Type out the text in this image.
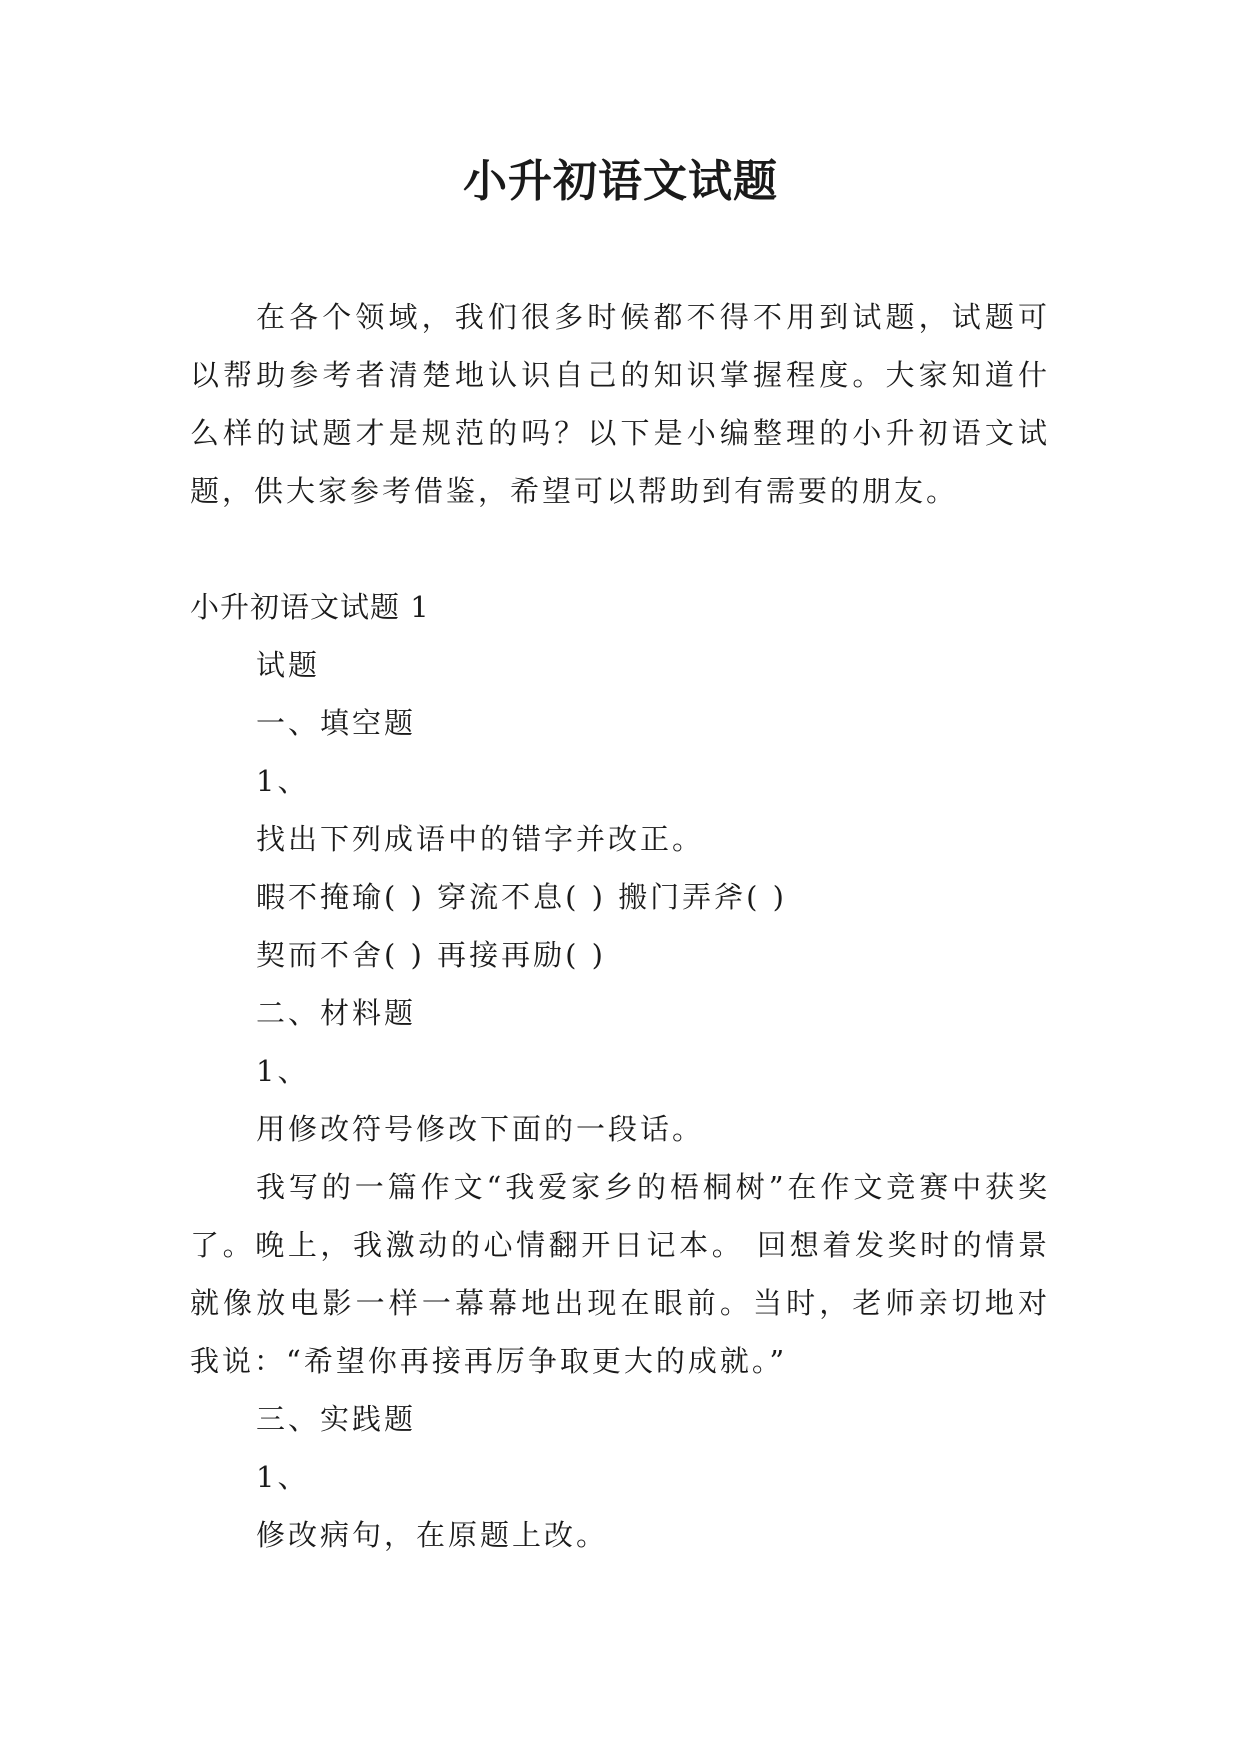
小升初语文试题

在各个领域，我们很多时候都不得不用到试题，试题可以帮助参考者清楚地认识自己的知识掌握程度。大家知道什么样的试题才是规范的吗？以下是小编整理的小升初语文试题，供大家参考借鉴，希望可以帮助到有需要的朋友。

小升初语文试题 1

试题

一、填空题

1、

找出下列成语中的错字并改正。

暇不掩瑜( ) 穿流不息( ) 搬门弄斧( )

契而不舍( ) 再接再励( )

二、材料题

1、

用修改符号修改下面的一段话。

我写的一篇作文“我爱家乡的梧桐树”在作文竞赛中获奖了。晚上，我激动的心情翻开日记本。 回想着发奖时的情景就像放电影一样一幕幕地出现在眼前。当时，老师亲切地对我说：“希望你再接再厉争取更大的成就。”

三、实践题

1、

修改病句，在原题上改。
